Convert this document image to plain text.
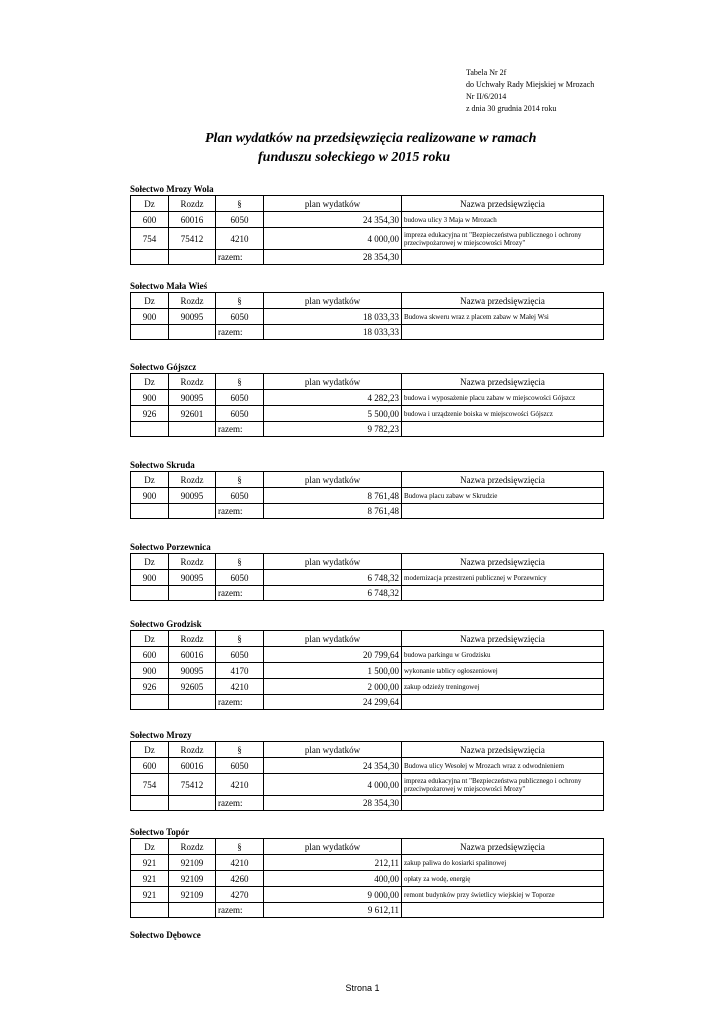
Tabela Nr 2f
do Uchwały Rady Miejskiej w Mrozach
Nr II/6/2014
z dnia 30 grudnia 2014 roku
Plan wydatków na przedsięwzięcia realizowane w ramach
funduszu sołeckiego w 2015 roku
Sołectwo Mrozy Wola
Dz	Rozdz	§	plan wydatków	Nazwa przedsięwzięcia
600	60016	6050	24 354,30	budowa ulicy 3 Maja w Mrozach
754	75412	4210	4 000,00	impreza edukacyjna nt "Bezpieczeństwa publicznego i ochrony przeciwpożarowej w miejscowości Mrozy"
		razem:	28 354,30	
Sołectwo Mała Wieś
Dz	Rozdz	§	plan wydatków	Nazwa przedsięwzięcia
900	90095	6050	18 033,33	Budowa skweru wraz z placem zabaw w Małej Wsi
		razem:	18 033,33	
Sołectwo Gójszcz
Dz	Rozdz	§	plan wydatków	Nazwa przedsięwzięcia
900	90095	6050	4 282,23	budowa i wyposażenie placu zabaw w miejscowości Gójszcz
926	92601	6050	5 500,00	budowa i urządzenie boiska w miejscowości Gójszcz
		razem:	9 782,23	
Sołectwo Skruda
Dz	Rozdz	§	plan wydatków	Nazwa przedsięwzięcia
900	90095	6050	8 761,48	Budowa placu zabaw w Skrudzie
		razem:	8 761,48	
Sołectwo Porzewnica
Dz	Rozdz	§	plan wydatków	Nazwa przedsięwzięcia
900	90095	6050	6 748,32	modernizacja przestrzeni publicznej w Porzewnicy
		razem:	6 748,32	
Sołectwo Grodzisk
Dz	Rozdz	§	plan wydatków	Nazwa przedsięwzięcia
600	60016	6050	20 799,64	budowa parkingu w Grodzisku
900	90095	4170	1 500,00	wykonanie tablicy ogłoszeniowej
926	92605	4210	2 000,00	zakup odzieży treningowej
		razem:	24 299,64	
Sołectwo Mrozy
Dz	Rozdz	§	plan wydatków	Nazwa przedsięwzięcia
600	60016	6050	24 354,30	Budowa ulicy Wesołej w Mrozach wraz z odwodnieniem
754	75412	4210	4 000,00	impreza edukacyjna nt "Bezpieczeństwa publicznego i ochrony przeciwpożarowej w miejscowości Mrozy"
		razem:	28 354,30	
Sołectwo Topór
Dz	Rozdz	§	plan wydatków	Nazwa przedsięwzięcia
921	92109	4210	212,11	zakup paliwa do kosiarki spalinowej
921	92109	4260	400,00	opłaty za wodę, energię
921	92109	4270	9 000,00	remont budynków przy świetlicy wiejskiej w Toporze
		razem:	9 612,11	
Sołectwo Dębowce
Strona 1
